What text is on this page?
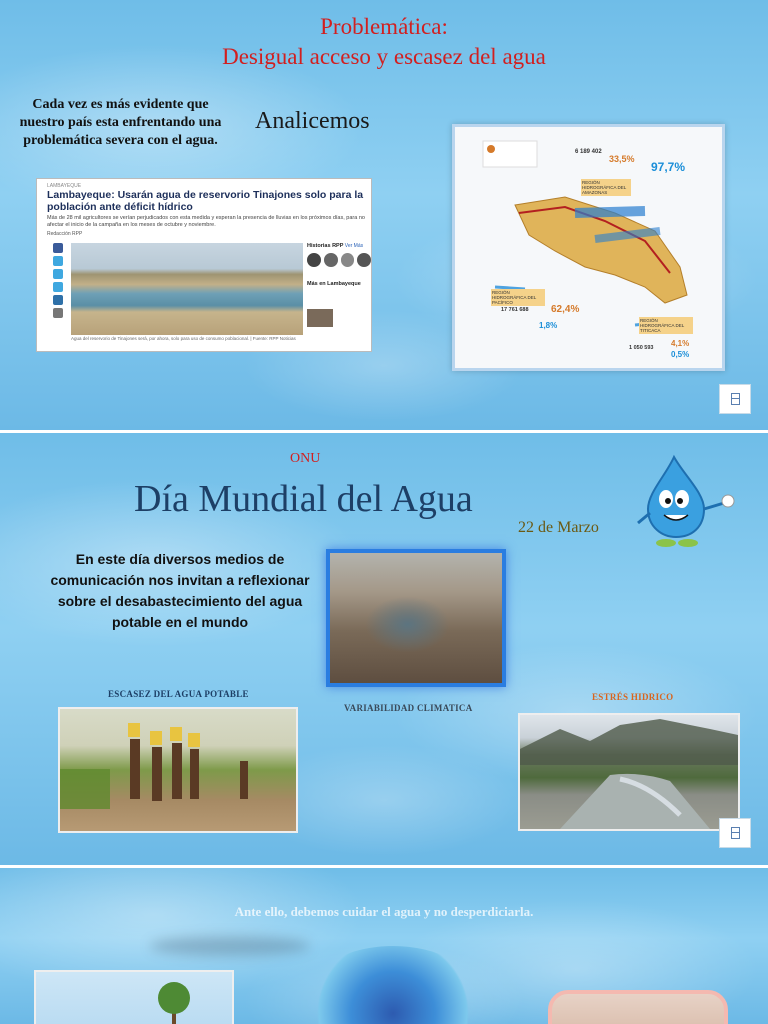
Problemática:
Desigual acceso y escasez del agua
Cada vez es más evidente que nuestro país esta enfrentando una problemática severa con el agua.
Analicemos
LAMBAYEQUE
Lambayeque: Usarán agua de reservorio Tinajones solo para la población ante déficit hídrico
Más de 28 mil agricultores se verían perjudicados con esta medida y esperan la presencia de lluvias en los próximos días, para no afectar el inicio de la campaña en los meses de octubre y noviembre.
Redacción RPP
Agua del reservorio de Tinajones será, por ahora, solo para uso de consumo poblacional. | Fuente: RPP Noticias
Historias RPP Ver Más
Más en Lambayeque
6 189 402
33,5%
97,7%
REGIÓN HIDROGRÁFICA DEL AMAZONAS
62,4%
REGIÓN HIDROGRÁFICA DEL PACÍFICO
17 761 688
1,8%
REGIÓN HIDROGRÁFICA DEL TITICACA
4,1%
1 050 593
0,5%
ONU
Día Mundial del Agua
22 de Marzo
En este día diversos medios de comunicación nos invitan a reflexionar sobre el desabastecimiento del agua potable en el mundo
ESCASEZ DEL AGUA POTABLE
VARIABILIDAD CLIMATICA
ESTRÉS HIDRICO
Ante ello, debemos cuidar el agua y no desperdiciarla.
